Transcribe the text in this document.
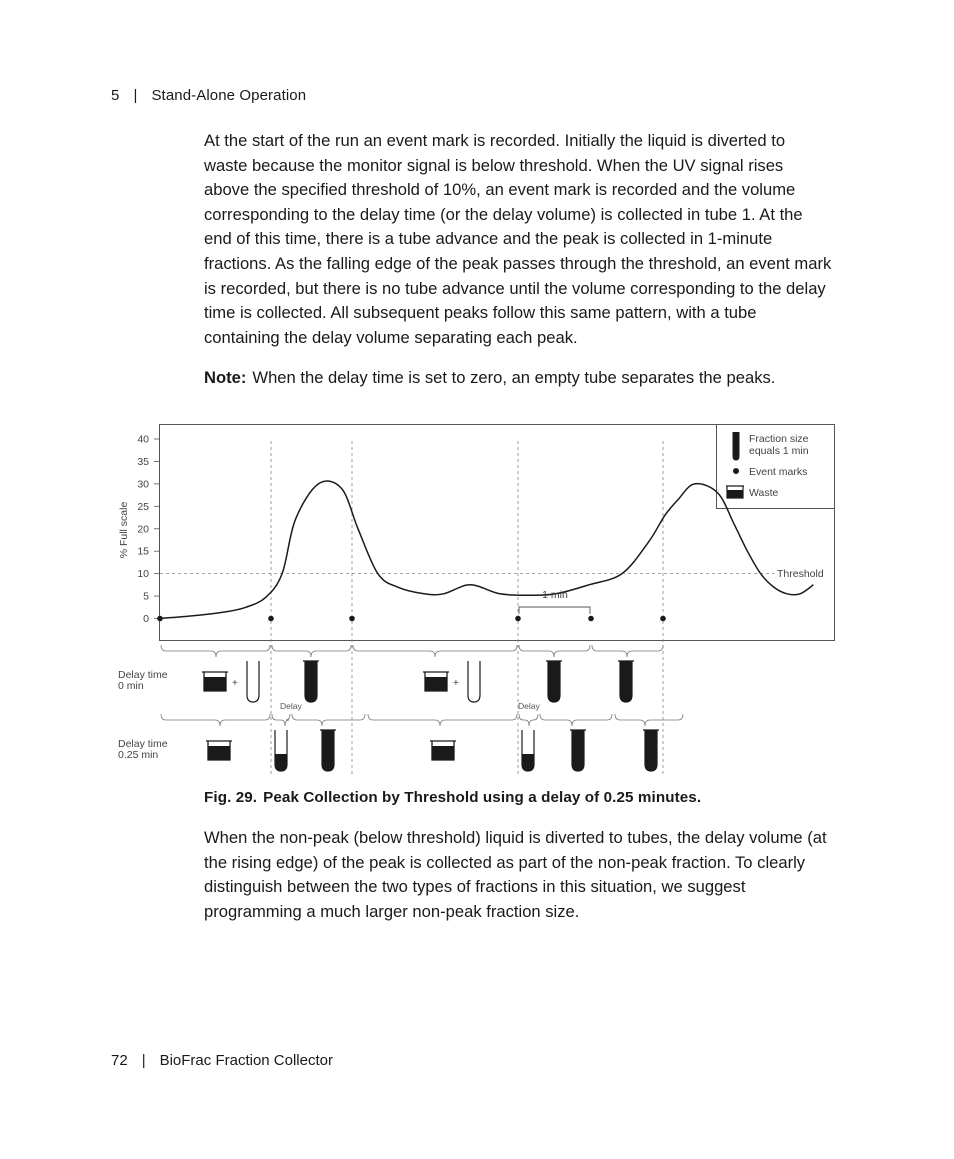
5 | Stand-Alone Operation

At the start of the run an event mark is recorded. Initially the liquid is diverted to waste because the monitor signal is below threshold. When the UV signal rises above the specified threshold of 10%, an event mark is recorded and the volume corresponding to the delay time (or the delay volume) is collected in tube 1. At the end of this time, there is a tube advance and the peak is collected in 1-minute fractions. As the falling edge of the peak passes through the threshold, an event mark is recorded, but there is no tube advance until the volume corresponding to the delay time is collected. All subsequent peaks follow this same pattern, with a tube containing the delay volume separating each peak.

Note: When the delay time is set to zero, an empty tube separates the peaks.

Fraction size
equals 1 min
Event marks
Waste
0
5
10
15
20
25
30
35
40
% Full scale
Threshold
1 min
Delay	Delay
Delay time
0 min
Delay time
0.25 min
+	+
Fig. 29. Peak Collection by Threshold using a delay of 0.25 minutes.

When the non-peak (below threshold) liquid is diverted to tubes, the delay volume (at the rising edge) of the peak is collected as part of the non-peak fraction. To clearly distinguish between the two types of fractions in this situation, we suggest programming a much larger non-peak fraction size.

72 | BioFrac Fraction Collector
